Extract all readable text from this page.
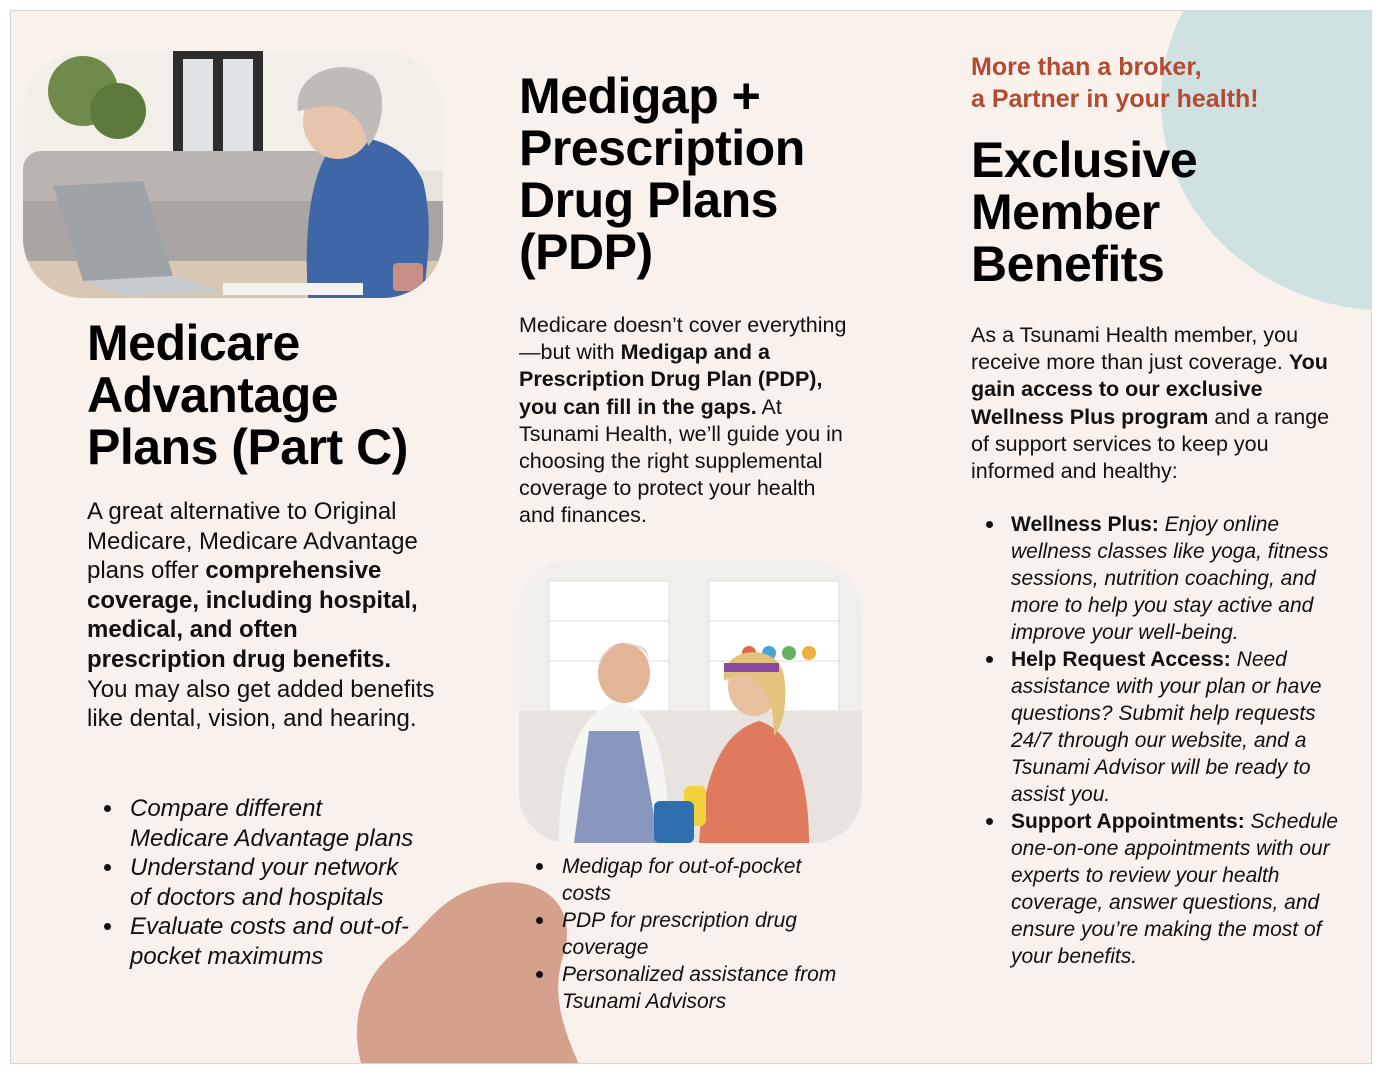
Medicare Advantage Plans (Part C)
A great alternative to Original Medicare, Medicare Advantage plans offer comprehensive coverage, including hospital, medical, and often prescription drug benefits. You may also get added benefits like dental, vision, and hearing.
Compare different Medicare Advantage plans
Understand your network of doctors and hospitals
Evaluate costs and out-of-pocket maximums
Medigap + Prescription Drug Plans (PDP)
Medicare doesn’t cover everything—but with Medigap and a Prescription Drug Plan (PDP), you can fill in the gaps. At Tsunami Health, we’ll guide you in choosing the right supplemental coverage to protect your health and finances.
Medigap for out-of-pocket costs
PDP for prescription drug coverage
Personalized assistance from Tsunami Advisors
More than a broker,
a Partner in your health!
Exclusive Member Benefits
As a Tsunami Health member, you receive more than just coverage. You gain access to our exclusive Wellness Plus program and a range of support services to keep you informed and healthy:
Wellness Plus: Enjoy online wellness classes like yoga, fitness sessions, nutrition coaching, and more to help you stay active and improve your well-being.
Help Request Access: Need assistance with your plan or have questions? Submit help requests 24/7 through our website, and a Tsunami Advisor will be ready to assist you.
Support Appointments: Schedule one-on-one appointments with our experts to review your health coverage, answer questions, and ensure you’re making the most of your benefits.
